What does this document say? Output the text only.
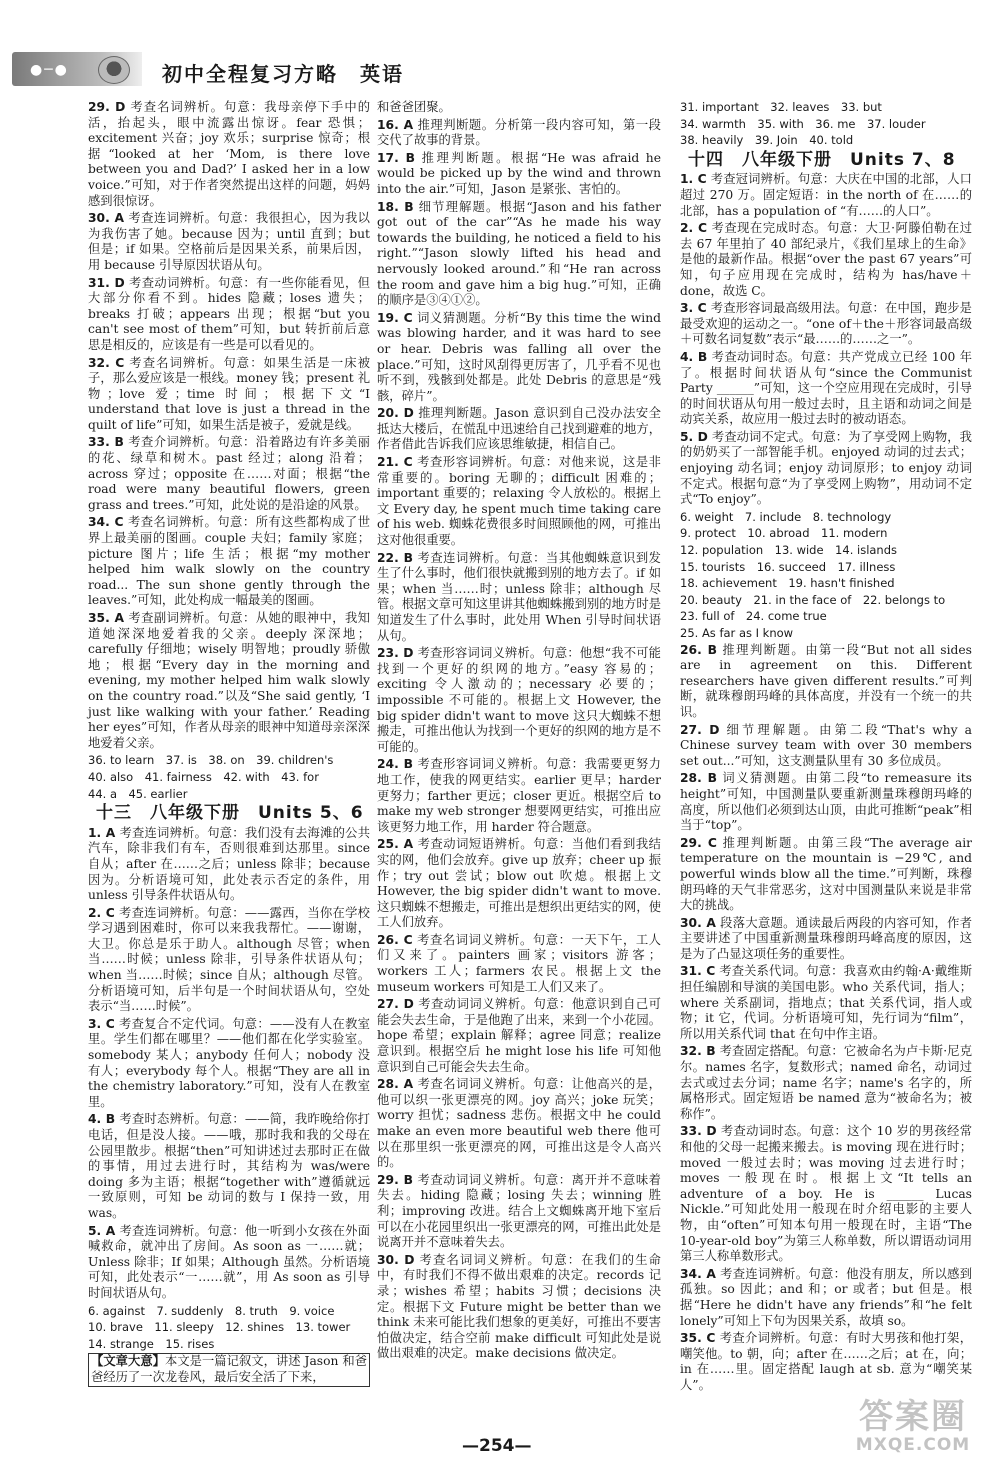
●─●	初中全程复习方略　英语

29. D 考查名词辨析。句意：我母亲停下手中的活，抬起头，眼中流露出惊讶。fear 恐惧；excitement 兴奋；joy 欢乐；surprise 惊奇；根据“looked at her ‘Mom, is there love between you and Dad?’ I asked her in a low voice.”可知，对于作者突然提出这样的问题，妈妈感到很惊讶。

30. A 考查连词辨析。句意：我很担心，因为我以为我伤害了她。because 因为；until 直到；but 但是；if 如果。空格前后是因果关系，前果后因，用 because 引导原因状语从句。

31. D 考查动词辨析。句意：有一些你能看见，但大部分你看不到。hides 隐藏；loses 遗失；breaks 打破；appears 出现；根据“but you can't see most of them”可知，but 转折前后意思是相反的，应该是有一些是可以看见的。

32. C 考查名词辨析。句意：如果生活是一床被子，那么爱应该是一根线。money 钱；present 礼物；love 爱；time 时间；根据下文“I understand that love is just a thread in the quilt of life”可知，如果生活是被子，爱就是线。

33. B 考查介词辨析。句意：沿着路边有许多美丽的花、绿草和树木。past 经过；along 沿着；across 穿过；opposite 在……对面；根据“the road were many beautiful flowers, green grass and trees.”可知，此处说的是沿途的风景。

34. C 考查名词辨析。句意：所有这些都构成了世界上最美丽的图画。couple 夫妇；family 家庭；picture 图片；life 生活；根据“my mother helped him walk slowly on the country road... The sun shone gently through the leaves.”可知，此处构成一幅最美的图画。

35. A 考查副词辨析。句意：从她的眼神中，我知道她深深地爱着我的父亲。deeply 深深地；carefully 仔细地；wisely 明智地；proudly 骄傲地；根据“Every day in the morning and evening, my mother helped him walk slowly on the country road.”以及“She said gently, ‘I just like walking with your father.’ Reading her eyes”可知，作者从母亲的眼神中知道母亲深深地爱着父亲。

36. to learn　37. is　38. on　39. children's
40. also　41. fairness　42. with　43. for
44. a　45. earlier
十三　八年级下册　Units 5、6

1. A 考查连词辨析。句意：我们没有去海滩的公共汽车，除非我们有车，否则很难到达那里。since 自从；after 在……之后；unless 除非；because 因为。分析语境可知，此处表示否定的条件，用 unless 引导条件状语从句。

2. C 考查连词辨析。句意：——露西，当你在学校学习遇到困难时，你可以来我我帮忙。——谢谢，大卫。你总是乐于助人。although 尽管；when 当……时候；unless 除非，引导条件状语从句；when 当……时候；since 自从；although 尽管。分析语境可知，后半句是一个时间状语从句，空处表示“当……时候”。

3. C 考查复合不定代词。句意：——没有人在教室里。学生们都在哪里？——他们都在化学实验室。somebody 某人；anybody 任何人；nobody 没有人；everybody 每个人。根据“They are all in the chemistry laboratory.”可知，没有人在教室里。

4. B 考查时态辨析。句意：——简，我昨晚给你打电话，但是没人接。——哦，那时我和我的父母在公园里散步。根据“then”可知讲述过去那时正在做的事情，用过去进行时，其结构为 was/were doing 多为主语；根据“together with”遵循就远一致原则，可知 be 动词的数与 I 保持一致，用 was。

5. A 考查连词辨析。句意：他一听到小女孩在外面喊救命，就冲出了房间。As soon as 一……就；Unless 除非；If 如果；Although 虽然。分析语境可知，此处表示“一……就”，用 As soon as 引导时间状语从句。

6. against　7. suddenly　8. truth　9. voice
10. brave　11. sleepy　12. shines　13. tower
14. strange　15. rises

【文章大意】本文是一篇记叙文，讲述 Jason 和爸爸经历了一次龙卷风，最后安全活了下来，

和爸爸团聚。

16. A 推理判断题。分析第一段内容可知，第一段交代了故事的背景。

17. B 推理判断题。根据“He was afraid he would be picked up by the wind and thrown into the air.”可知，Jason 是紧张、害怕的。

18. B 细节理解题。根据“Jason and his father got out of the car”“As he made his way towards the building, he noticed a field to his right.”“Jason slowly lifted his head and nervously looked around.”和“He ran across the room and gave him a big hug.”可知，正确的顺序是③④①②。

19. C 词义猜测题。分析“By this time the wind was blowing harder, and it was hard to see or hear. Debris was falling all over the place.”可知，这时风刮得更厉害了，几乎看不见也听不到，残骸到处都是。此处 Debris 的意思是“残骸，碎片”。

20. D 推理判断题。Jason 意识到自己没办法安全抵达大楼后，在慌乱中迅速给自己找到避难的地方，作者借此告诉我们应该思维敏捷，相信自己。

21. C 考查形容词辨析。句意：对他来说，这是非常重要的。boring 无聊的；difficult 困难的；important 重要的；relaxing 令人放松的。根据上文 Every day, he spent much time taking care of his web. 蜘蛛花费很多时间照顾他的网，可推出这对他很重要。

22. B 考查连词辨析。句意：当其他蜘蛛意识到发生了什么事时，他们很快就搬到别的地方去了。if 如果；when 当……时；unless 除非；although 尽管。根据文章可知这里讲其他蜘蛛搬到别的地方时是知道发生了什么事时，此处用 When 引导时间状语从句。

23. D 考查形容词词义辨析。句意：他想“我不可能找到一个更好的织网的地方。”easy 容易的；exciting 令人激动的；necessary 必要的；impossible 不可能的。根据上文 However, the big spider didn't want to move 这只大蜘蛛不想搬走，可推出他认为找到一个更好的织网的地方是不可能的。

24. B 考查形容词词义辨析。句意：我需要更努力地工作，使我的网更结实。earlier 更早；harder 更努力；farther 更远；closer 更近。根据空后 to make my web stronger 想要网更结实，可推出应该更努力地工作，用 harder 符合题意。

25. A 考查动词短语辨析。句意：当他们看到我结实的网，他们会放弃。give up 放弃；cheer up 振作；try out 尝试；blow out 吹熄。根据上文 However, the big spider didn't want to move. 这只蜘蛛不想搬走，可推出是想织出更结实的网，使工人们放弃。

26. C 考查名词词义辨析。句意：一天下午，工人们又来了。painters 画家；visitors 游客；workers 工人；farmers 农民。根据上文 the museum workers 可知是工人们又来了。

27. D 考查动词词义辨析。句意：他意识到自己可能会失去生命，于是他跑了出来，来到一个小花园。hope 希望；explain 解释；agree 同意；realize 意识到。根据空后 he might lose his life 可知他意识到自己可能会失去生命。

28. A 考查名词词义辨析。句意：让他高兴的是，他可以织一张更漂亮的网。joy 高兴；joke 玩笑；worry 担忧；sadness 悲伤。根据文中 he could make an even more beautiful web there 他可以在那里织一张更漂亮的网，可推出这是令人高兴的。

29. B 考查动词词义辨析。句意：离开并不意味着失去。hiding 隐藏；losing 失去；winning 胜利；improving 改进。结合上文蜘蛛离开地下室后可以在小花园里织出一张更漂亮的网，可推出此处是说离开并不意味着失去。

30. D 考查名词词义辨析。句意：在我们的生命中，有时我们不得不做出艰难的决定。records 记录；wishes 希望；habits 习惯；decisions 决定。根据下文 Future might be better than we think 未来可能比我们想象的更美好，可推出不要害怕做决定，结合空前 make difficult 可知此处是说做出艰难的决定。make decisions 做决定。

31. important　32. leaves　33. but
34. warmth　35. with　36. me　37. louder
38. heavily　39. Join　40. told
十四　八年级下册　Units 7、8

1. C 考查冠词辨析。句意：大庆在中国的北部，人口超过 270 万。固定短语：in the north of 在……的北部，has a population of “有……的人口”。

2. C 考查现在完成时态。句意：大卫·阿滕伯勒在过去 67 年里拍了 40 部纪录片，《我们星球上的生命》是他的最新作品。根据“over the past 67 years”可知，句子应用现在完成时，结构为 has/have＋done，故选 C。

3. C 考查形容词最高级用法。句意：在中国，跑步是最受欢迎的运动之一。“one of＋the＋形容词最高级＋可数名词复数”表示“最……的……之一”。

4. B 考查动词时态。句意：共产党成立已经 100 年了。根据时间状语从句“since the Communist Party ______”可知，这一个空应用现在完成时，引导的时间状语从句用一般过去时，且主语和动词之间是动宾关系，故应用一般过去时的被动语态。

5. D 考查动词不定式。句意：为了享受网上购物，我的奶奶买了一部智能手机。enjoyed 动词的过去式；enjoying 动名词；enjoy 动词原形；to enjoy 动词不定式。根据句意“为了享受网上购物”，用动词不定式“To enjoy”。

6. weight　7. include　8. technology
9. protect　10. abroad　11. modern
12. population　13. wide　14. islands
15. tourists　16. succeed　17. illness
18. achievement　19. hasn't finished
20. beauty　21. in the face of　22. belongs to
23. full of　24. come true
25. As far as I know

26. B 推理判断题。由第一段“But not all sides are in agreement on this. Different researchers have given different results.”可判断，就珠穆朗玛峰的具体高度，并没有一个统一的共识。

27. D 细节理解题。由第二段“That's why a Chinese survey team with over 30 members set out...”可知，这支测量队里有 30 多位成员。

28. B 词义猜测题。由第二段“to remeasure its height”可知，中国测量队要重新测量珠穆朗玛峰的高度，所以他们必须到达山顶，由此可推断“peak”相当于“top”。

29. C 推理判断题。由第三段“The average air temperature on the mountain is −29℃, and powerful winds blow all the time.”可判断，珠穆朗玛峰的天气非常恶劣，这对中国测量队来说是非常大的挑战。

30. A 段落大意题。通读最后两段的内容可知，作者主要讲述了中国重新测量珠穆朗玛峰高度的原因，这是为了凸显这项任务的重要性。

31. C 考查关系代词。句意：我喜欢由约翰·A·戴维斯担任编剧和导演的美国电影。who 关系代词，指人；where 关系副词，指地点；that 关系代词，指人或物；it 它，代词。分析语境可知，先行词为“film”，所以用关系代词 that 在句中作主语。

32. B 考查固定搭配。句意：它被命名为卢卡斯·尼克尔。names 名字，复数形式；named 命名，动词过去式或过去分词；name 名字；name's 名字的，所属格形式。固定短语 be named 意为“被命名为；被称作”。

33. D 考查动词时态。句意：这个 10 岁的男孩经常和他的父母一起搬来搬去。is moving 现在进行时；moved 一般过去时；was moving 过去进行时；moves 一般现在时。根据上文“It tells an adventure of a boy. He is ______ Lucas Nickle.”可知此处用一般现在时介绍电影的主要人物，由“often”可知本句用一般现在时，主语“The 10-year-old boy”为第三人称单数，所以谓语动词用第三人称单数形式。

34. A 考查连词辨析。句意：他没有朋友，所以感到孤独。so 因此；and 和；or 或者；but 但是。根据“Here he didn't have any friends”和“he felt lonely”可知上下句为因果关系，故填 so。

35. C 考查介词辨析。句意：有时大男孩和他打架，嘲笑他。to 朝，向；after 在……之后；at 在，向；in 在……里。固定搭配 laugh at sb. 意为“嘲笑某人”。

—254—
答案圈
MXQE.COM
